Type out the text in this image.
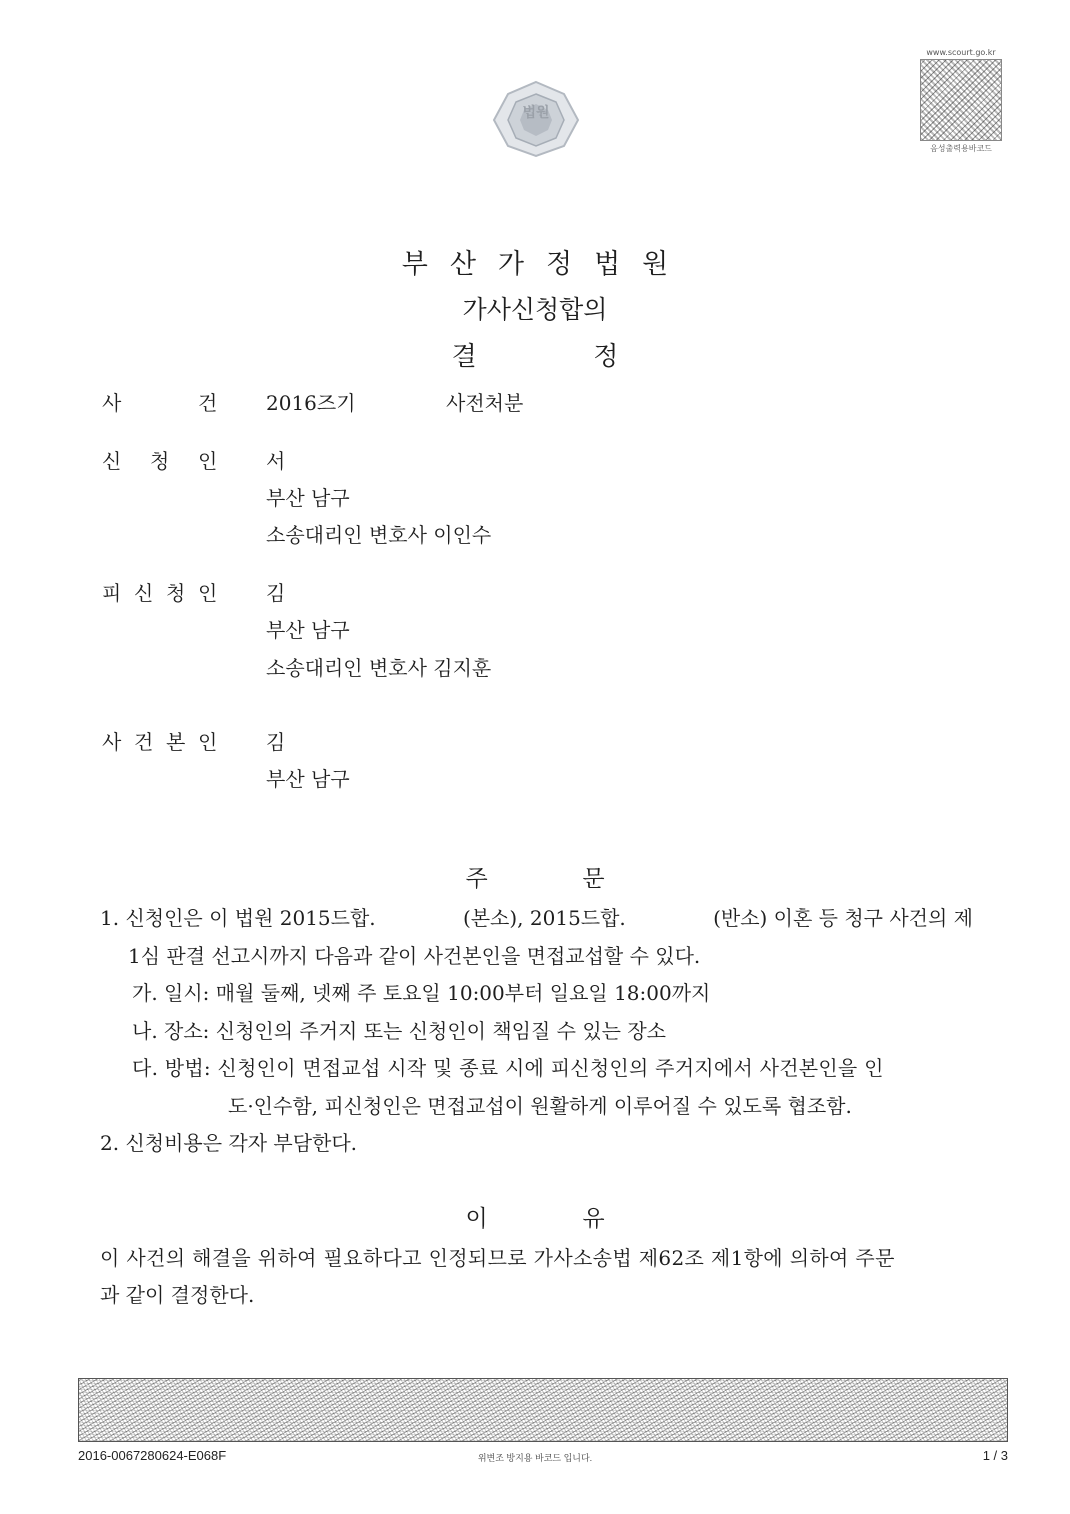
법원
www.scourt.go.kr
음성출력용바코드
부산가정법원
가사신청합의
결	정
사	건 2016즈기	사전처분
신 청 인 서
부산 남구
소송대리인 변호사 이인수
피 신 청 인 김
부산 남구
소송대리인 변호사 김지훈
사 건 본 인 김
부산 남구
주	문
1. 신청인은 이 법원 2015드합.	(본소), 2015드합.	(반소) 이혼 등 청구 사건의 제
1심 판결 선고시까지 다음과 같이 사건본인을 면접교섭할 수 있다.
가. 일시: 매월 둘째, 넷째 주 토요일 10:00부터 일요일 18:00까지
나. 장소: 신청인의 주거지 또는 신청인이 책임질 수 있는 장소
다. 방법: 신청인이 면접교섭 시작 및 종료 시에 피신청인의 주거지에서 사건본인을 인
도·인수함, 피신청인은 면접교섭이 원활하게 이루어질 수 있도록 협조함.
2. 신청비용은 각자 부담한다.
이	유
이 사건의 해결을 위하여 필요하다고 인정되므로 가사소송법 제62조 제1항에 의하여 주문
과 같이 결정한다.
2016-0067280624-E068F	위변조 방지용 바코드 입니다.	1 / 3
